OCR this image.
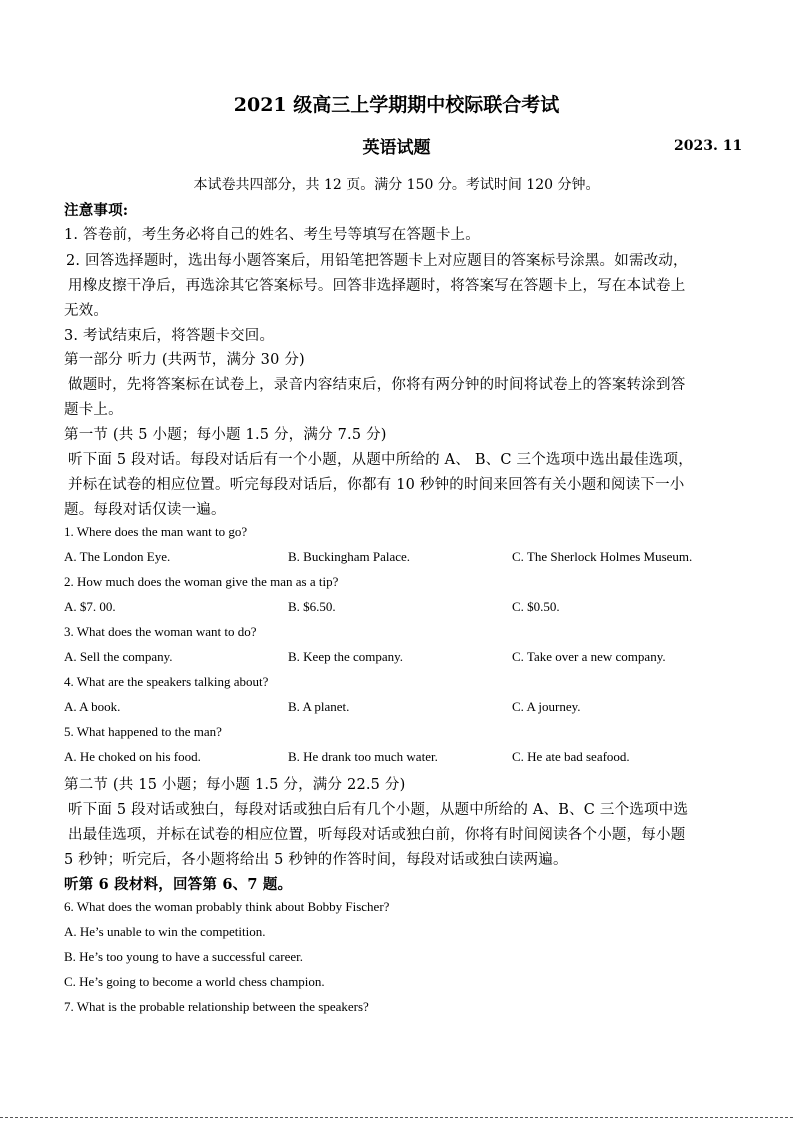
2021 级高三上学期期中校际联合考试
英语试题	2023. 11
本试卷共四部分，共 12 页。满分 150 分。考试时间 120 分钟。
注意事项:
1. 答卷前，考生务必将自己的姓名、考生号等填写在答题卡上。
2. 回答选择题时，选出每小题答案后，用铅笔把答题卡上对应题目的答案标号涂黑。如需改动，
用橡皮擦干净后，再选涂其它答案标号。回答非选择题时，将答案写在答题卡上，写在本试卷上
无效。
3. 考试结束后，将答题卡交回。
第一部分 听力 (共两节，满分 30 分)
做题时，先将答案标在试卷上，录音内容结束后，你将有两分钟的时间将试卷上的答案转涂到答
题卡上。
第一节 (共 5 小题；每小题 1.5 分，满分 7.5 分)
听下面 5 段对话。每段对话后有一个小题，从题中所给的 A、 B、C 三个选项中选出最佳选项，
并标在试卷的相应位置。听完每段对话后，你都有 10 秒钟的时间来回答有关小题和阅读下一小
题。每段对话仅读一遍。
1. Where does the man want to go?
A. The London Eye.	B. Buckingham Palace.	C. The Sherlock Holmes Museum.
2. How much does the woman give the man as a tip?
A. $7. 00.	B. $6.50.	C. $0.50.
3. What does the woman want to do?
A. Sell the company.	B. Keep the company.	C. Take over a new company.
4. What are the speakers talking about?
A. A book.	B. A planet.	C. A journey.
5. What happened to the man?
A. He choked on his food.	B. He drank too much water.	C. He ate bad seafood.
第二节 (共 15 小题；每小题 1.5 分，满分 22.5 分)
听下面 5 段对话或独白，每段对话或独白后有几个小题，从题中所给的 A、B、C 三个选项中选
出最佳选项，并标在试卷的相应位置，听每段对话或独白前，你将有时间阅读各个小题，每小题
5 秒钟；听完后，各小题将给出 5 秒钟的作答时间，每段对话或独白读两遍。
听第 6 段材料，回答第 6、7 题。
6. What does the woman probably think about Bobby Fischer?
A. He’s unable to win the competition.
B. He’s too young to have a successful career.
C. He’s going to become a world chess champion.
7. What is the probable relationship between the speakers?
